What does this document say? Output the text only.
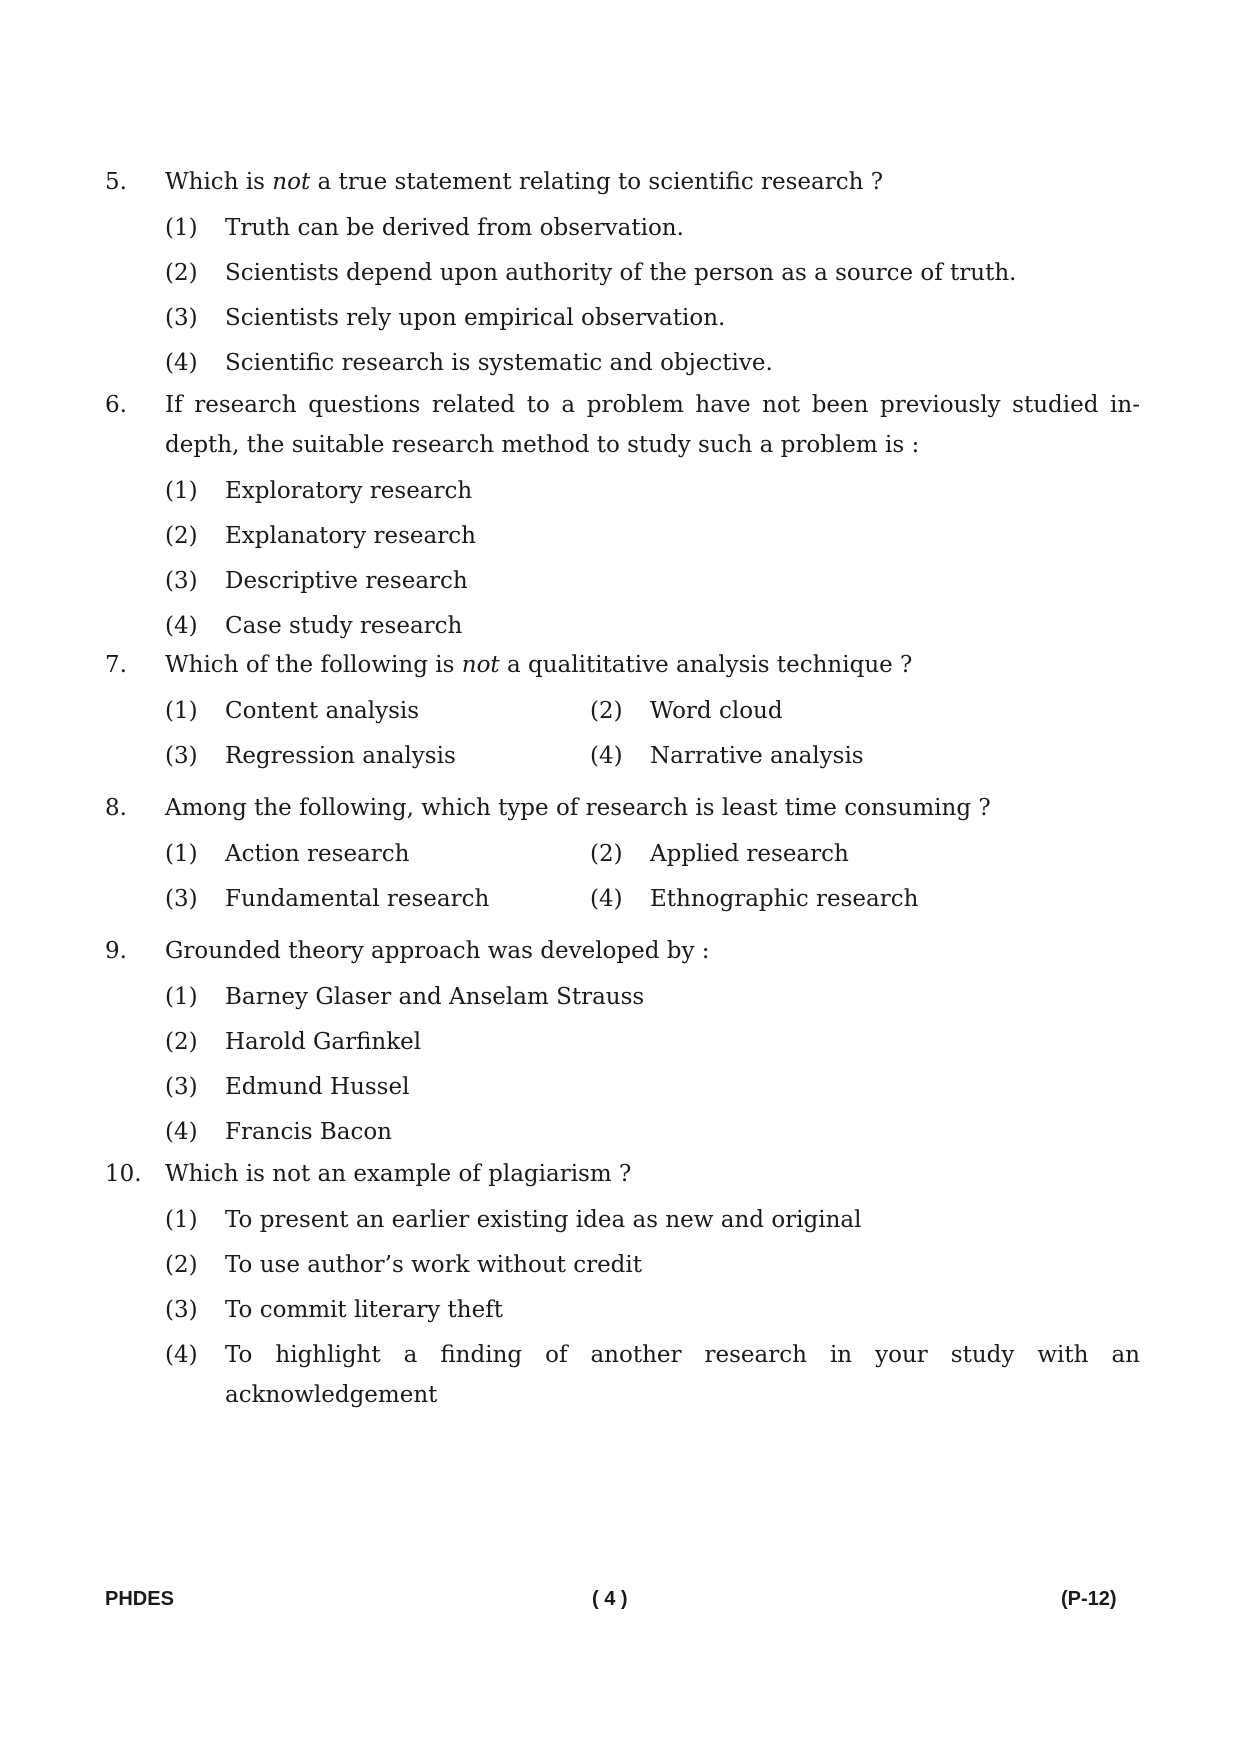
5. Which is not a true statement relating to scientific research ?
(1)	Truth can be derived from observation.
(2)	Scientists depend upon authority of the person as a source of truth.
(3)	Scientists rely upon empirical observation.
(4)	Scientific research is systematic and objective.
6. If research questions related to a problem have not been previously studied in-depth, the suitable research method to study such a problem is :
(1)	Exploratory research
(2)	Explanatory research
(3)	Descriptive research
(4)	Case study research
7. Which of the following is not a qualititative analysis technique ?
(1)	Content analysis	(2)	Word cloud
(3)	Regression analysis	(4)	Narrative analysis
8. Among the following, which type of research is least time consuming ?
(1)	Action research	(2)	Applied research
(3)	Fundamental research	(4)	Ethnographic research
9. Grounded theory approach was developed by :
(1)	Barney Glaser and Anselam Strauss
(2)	Harold Garfinkel
(3)	Edmund Hussel
(4)	Francis Bacon
10. Which is not an example of plagiarism ?
(1)	To present an earlier existing idea as new and original
(2)	To use author’s work without credit
(3)	To commit literary theft
(4)	To highlight a finding of another research in your study with an acknowledgement
PHDES	( 4 )	(P-12)
